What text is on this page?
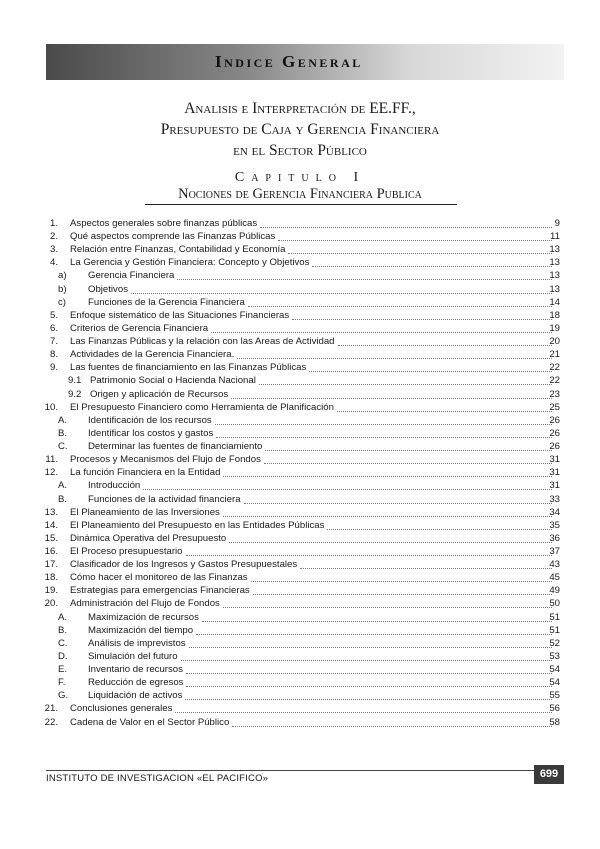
Indice General
Analisis e Interpretación de EE.FF.,
Presupuesto de Caja y Gerencia Financiera
en el Sector Público
Capitulo I
Nociones de Gerencia Financiera Publica
1. Aspectos generales sobre finanzas públicas	9
2. Qué aspectos comprende las Finanzas Públicas	11
3. Relación entre Finanzas, Contabilidad y Economía	13
4. La Gerencia y Gestión Financiera: Concepto y Objetivos	13
a)	Gerencia Financiera	13
b)	Objetivos	13
c)	Funciones de la Gerencia Financiera	14
5. Enfoque sistemático de las Situaciones Financieras	18
6. Criterios de Gerencia Financiera	19
7. Las Finanzas Públicas y la relación con las Areas de Actividad	20
8. Actividades de la Gerencia Financiera.	21
9. Las fuentes de financiamiento en las Finanzas Públicas	22
9.1 Patrimonio Social o Hacienda Nacional	22
9.2 Origen y aplicación de Recursos	23
10. El Presupuesto Financiero como Herramienta de Planificación	25
A.	Identificación de los recursos	26
B.	Identificar los costos y gastos	26
C.	Determinar las fuentes de financiamiento	26
11. Procesos y Mecanismos del Flujo de Fondos	31
12. La función Financiera en la Entidad	31
A.	Introducción	31
B.	Funciones de la actividad financiera	33
13. El Planeamiento de las Inversiones	34
14. El Planeamiento del Presupuesto en las Entidades Públicas	35
15. Dinámica Operativa del Presupuesto	36
16. El Proceso presupuestario	37
17. Clasificador de los Ingresos y Gastos Presupuestales	43
18. Cómo hacer el monitoreo de las Finanzas	45
19. Estrategias para emergencias Financieras	49
20. Administración del Flujo de Fondos	50
A.	Maximización de recursos	51
B.	Maximización del tiempo	51
C.	Análisis de imprevistos	52
D.	Simulación del futuro	53
E.	Inventario de recursos	54
F.	Reducción de egresos	54
G.	Liquidación de activos	55
21. Conclusiones generales	56
22. Cadena de Valor en el Sector Público	58
INSTITUTO DE INVESTIGACION «EL PACIFICO»	699
